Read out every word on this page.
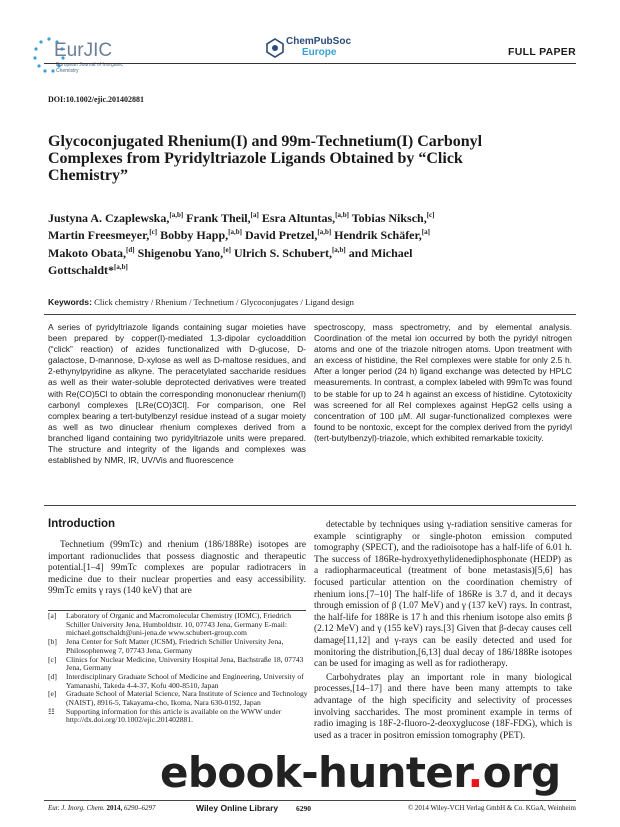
EurJIC
European Journal of Inorganic Chemistry
ChemPubSoc
Europe	FULL PAPER
DOI:10.1002/ejic.201402881
Glycoconjugated Rhenium(I) and 99m-Technetium(I) Carbonyl Complexes from Pyridyltriazole Ligands Obtained by “Click Chemistry”
Justyna A. Czaplewska,[a,b] Frank Theil,[a] Esra Altuntas,[a,b] Tobias Niksch,[c] Martin Freesmeyer,[c] Bobby Happ,[a,b] David Pretzel,[a,b] Hendrik Schäfer,[a] Makoto Obata,[d] Shigenobu Yano,[e] Ulrich S. Schubert,[a,b] and Michael Gottschaldt*[a,b]
Keywords: Click chemistry / Rhenium / Technetium / Glycoconjugates / Ligand design
A series of pyridyltriazole ligands containing sugar moieties have been prepared by copper(I)-mediated 1,3-dipolar cycloaddition (“click” reaction) of azides functionalized with D-glucose, D-galactose, D-mannose, D-xylose as well as D-maltose residues, and 2-ethynylpyridine as alkyne. The peracetylated saccharide residues as well as their water-soluble deprotected derivatives were treated with Re(CO)5Cl to obtain the corresponding mononuclear rhenium(I) carbonyl complexes [LRe(CO)3Cl]. For comparison, one ReI complex bearing a tert-butylbenzyl residue instead of a sugar moiety as well as two dinuclear rhenium complexes derived from a branched ligand containing two pyridyltriazole units were prepared. The structure and integrity of the ligands and complexes was established by NMR, IR, UV/Vis and fluorescence
spectroscopy, mass spectrometry, and by elemental analysis. Coordination of the metal ion occurred by both the pyridyl nitrogen atoms and one of the triazole nitrogen atoms. Upon treatment with an excess of histidine, the ReI complexes were stable for only 2.5 h. After a longer period (24 h) ligand exchange was detected by HPLC measurements. In contrast, a complex labeled with 99mTc was found to be stable for up to 24 h against an excess of histidine. Cytotoxicity was screened for all ReI complexes against HepG2 cells using a concentration of 100 µM. All sugar-functionalized complexes were found to be nontoxic, except for the complex derived from the pyridyl (tert-butylbenzyl)-triazole, which exhibited remarkable toxicity.
Introduction
Technetium (99mTc) and rhenium (186/188Re) isotopes are important radionuclides that possess diagnostic and therapeutic potential.[1–4] 99mTc complexes are popular radiotracers in medicine due to their nuclear properties and easy accessibility. 99mTc emits γ rays (140 keV) that are

detectable by techniques using γ-radiation sensitive cameras for example scintigraphy or single-photon emission computed tomography (SPECT), and the radioisotope has a half-life of 6.01 h. The success of 186Re-hydroxyethylidenediphosphonate (HEDP) as a radiopharmaceutical (treatment of bone metastasis)[5,6] has focused particular attention on the coordination chemistry of rhenium ions.[7–10] The half-life of 186Re is 3.7 d, and it decays through emission of β (1.07 MeV) and γ (137 keV) rays. In contrast, the half-life for 188Re is 17 h and this rhenium isotope also emits β (2.12 MeV) and γ (155 keV) rays.[3] Given that β-decay causes cell damage[11,12] and γ-rays can be easily detected and used for monitoring the distribution,[6,13] dual decay of 186/188Re isotopes can be used for imaging as well as for radiotherapy.

Carbohydrates play an important role in many biological processes,[14–17] and there have been many attempts to take advantage of the high specificity and selectivity of processes involving saccharides. The most prominent example in terms of radio imaging is 18F-2-fluoro-2-deoxyglucose (18F-FDG), which is used as a tracer in positron emission tomography (PET).

[a] Laboratory of Organic and Macromolecular Chemistry (IOMC), Friedrich Schiller University Jena, Humboldtstr. 10, 07743 Jena, Germany E-mail: michael.gottschaldt@uni-jena.de www.schubert-group.com
[b] Jena Center for Soft Matter (JCSM), Friedrich Schiller University Jena, Philosophenweg 7, 07743 Jena, Germany
[c] Clinics for Nuclear Medicine, University Hospital Jena, Bachstraße 18, 07743 Jena, Germany
[d] Interdisciplinary Graduate School of Medicine and Engineering, University of Yamanashi, Takeda 4-4-37, Kofu 400-8510, Japan
[e] Graduate School of Material Science, Nara Institute of Science and Technology (NAIST), 8916-5, Takayama-cho, Ikoma, Nara 630-0192, Japan
☷ Supporting information for this article is available on the WWW under http://dx.doi.org/10.1002/ejic.201402881.
ebook-hunter.org
Eur. J. Inorg. Chem. 2014, 6290–6297	Wiley Online Library 6290	© 2014 Wiley-VCH Verlag GmbH & Co. KGaA, Weinheim
